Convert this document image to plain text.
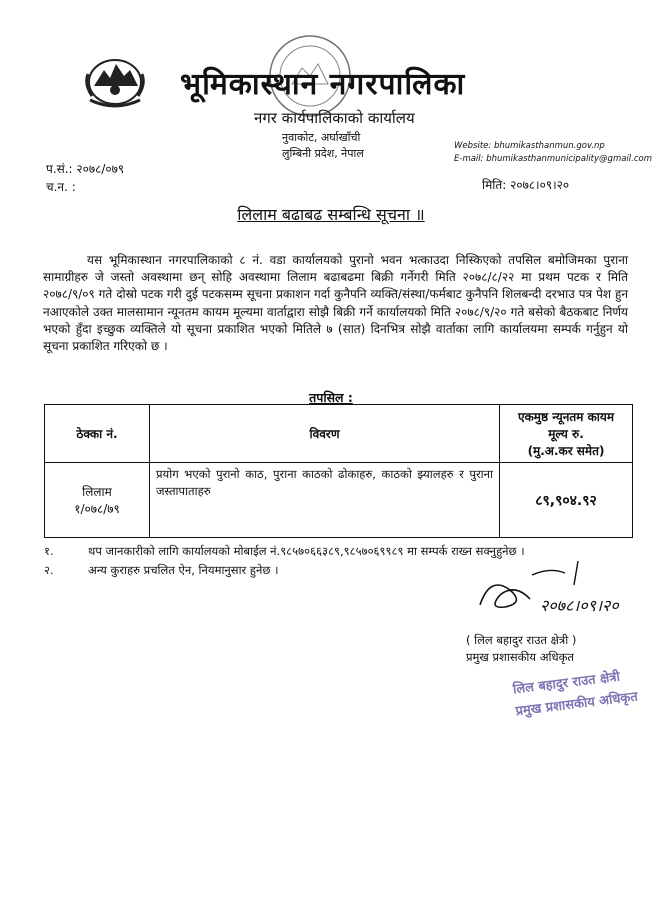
भूमिकास्थान नगरपालिका
नगर कार्यपालिकाको कार्यालय
नुवाकोट, अर्घाखाँची
लुम्बिनी प्रदेश, नेपाल
Website: bhumikasthanmun.gov.np
E-mail: bhumikasthanmunicipality@gmail.com
प.सं.: २०७८/०७९
च.न. :	मिति: २०७८।०९।२०
लिलाम बढाबढ सम्बन्धि सूचना ॥
यस भूमिकास्थान नगरपालिकाको ८ नं. वडा कार्यालयको पुरानो भवन भत्काउदा निस्किएको तपसिल बमोजिमका पुराना सामाग्रीहरु जे जस्तो अवस्थामा छन् सोहि अवस्थामा लिलाम बढाबढमा बिक्री गर्नेगरी मिति २०७८/८/२२ मा प्रथम पटक र मिति २०७८/९/०९ गते दोस्रो पटक गरी दुई पटकसम्म सूचना प्रकाशन गर्दा कुनैपनि व्यक्ति/संस्था/फर्मबाट कुनैपनि शिलबन्दी दरभाउ पत्र पेश हुन नआएकोले उक्त मालसामान न्यूनतम कायम मूल्यमा वार्ताद्वारा सोझै बिक्री गर्ने कार्यालयको मिति २०७८/९/२० गते बसेको बैठकबाट निर्णय भएको हुँदा इच्छुक व्यक्तिले यो सूचना प्रकाशित भएको मितिले ७ (सात) दिनभित्र सोझै वार्ताका लागि कार्यालयमा सम्पर्क गर्नुहुन यो सूचना प्रकाशित गरिएको छ ।
तपसिल :
ठेक्का नं.	विवरण	एकमुष्ठ न्यूनतम कायम
मूल्य रु.
(मु.अ.कर समेत)

लिलाम
१/०७८/७९	प्रयोग भएको पुरानो काठ, पुराना काठको ढोकाहरु, काठको झ्यालहरु र पुराना जस्तापाताहरु	८९,९०४.९२
१.	थप जानकारीको लागि कार्यालयको मोबाईल नं.९८५७०६६३८९,९८५७०६९९८९ मा सम्पर्क राख्न सक्नुहुनेछ ।
२.	अन्य कुराहरु प्रचलित ऐन, नियमानुसार हुनेछ ।
२०७८।०९।२०
( लिल बहादुर राउत क्षेत्री )
प्रमुख प्रशासकीय अधिकृत
लिल बहादुर राउत क्षेत्री
प्रमुख प्रशासकीय अधिकृत
